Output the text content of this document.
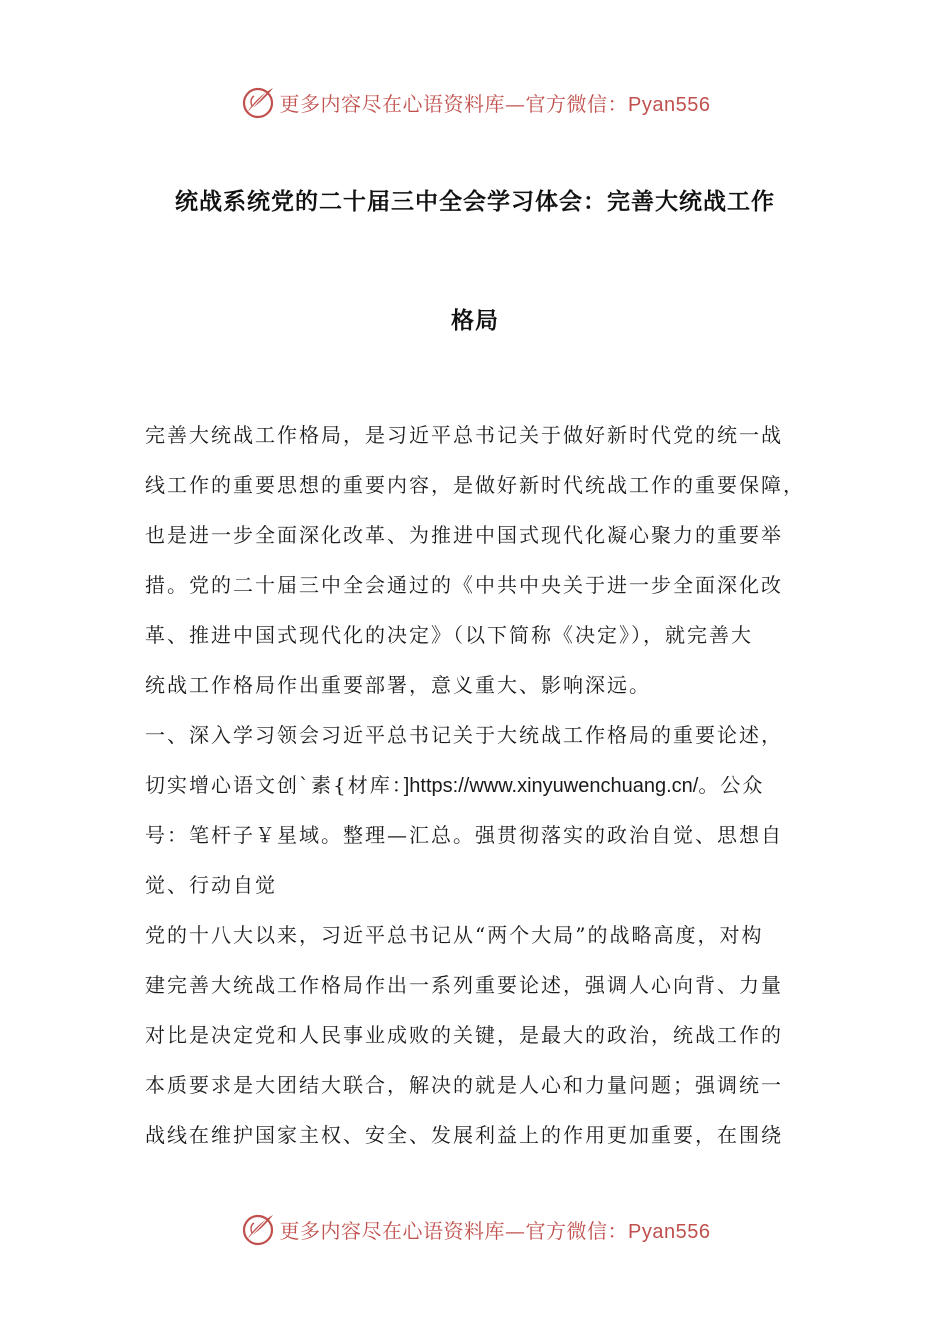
更多内容尽在心语资料库—官方微信：Pyan556
统战系统党的二十届三中全会学习体会：完善大统战工作
格局
完善大统战工作格局，是习近平总书记关于做好新时代党的统一战
线工作的重要思想的重要内容，是做好新时代统战工作的重要保障，
也是进一步全面深化改革、为推进中国式现代化凝心聚力的重要举
措。党的二十届三中全会通过的《中共中央关于进一步全面深化改
革、推进中国式现代化的决定》（以下简称《决定》），就完善大
统战工作格局作出重要部署，意义重大、影响深远。
一、深入学习领会习近平总书记关于大统战工作格局的重要论述，
切实增心语文创`素{材库：]https://www.xinyuwenchuang.cn/。公众
号：笔杆子￥星域。整理—汇总。强贯彻落实的政治自觉、思想自
觉、行动自觉
党的十八大以来，习近平总书记从“两个大局”的战略高度，对构
建完善大统战工作格局作出一系列重要论述，强调人心向背、力量
对比是决定党和人民事业成败的关键，是最大的政治，统战工作的
本质要求是大团结大联合，解决的就是人心和力量问题；强调统一
战线在维护国家主权、安全、发展利益上的作用更加重要，在围绕
更多内容尽在心语资料库—官方微信：Pyan556
